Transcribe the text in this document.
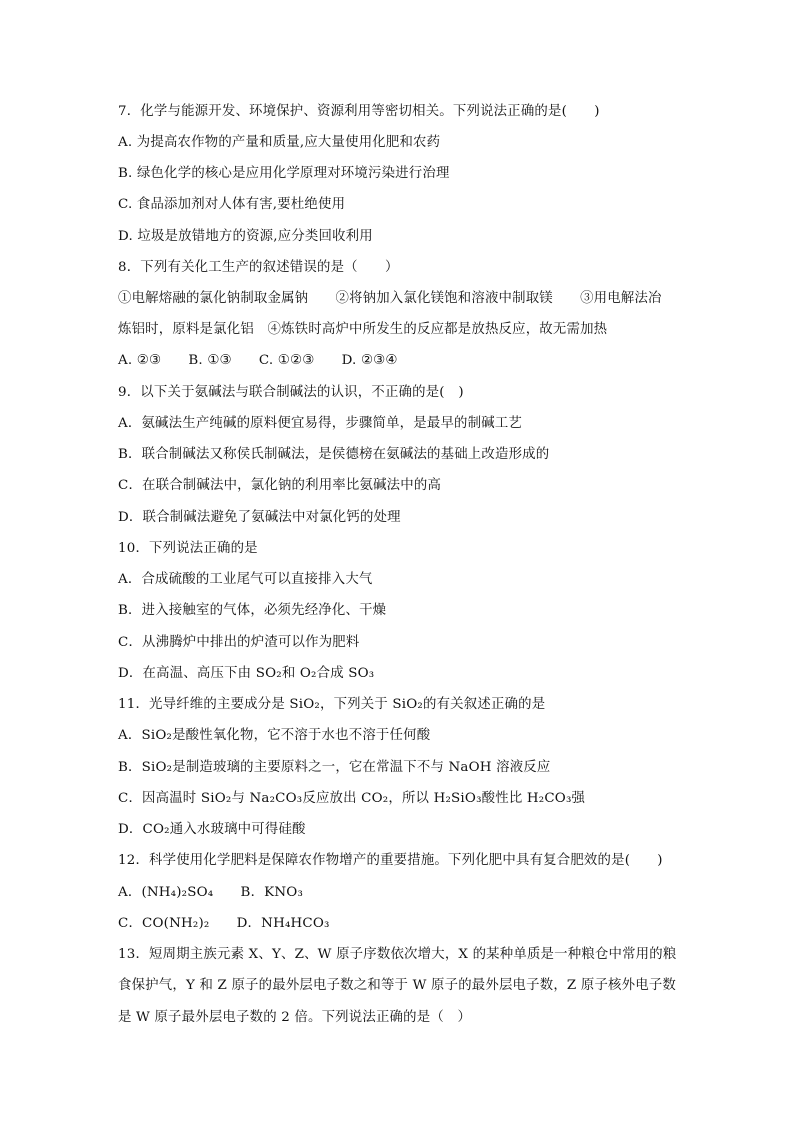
7．化学与能源开发、环境保护、资源利用等密切相关。下列说法正确的是(　　)
A. 为提高农作物的产量和质量,应大量使用化肥和农药
B. 绿色化学的核心是应用化学原理对环境污染进行治理
C. 食品添加剂对人体有害,要杜绝使用
D. 垃圾是放错地方的资源,应分类回收利用
8．下列有关化工生产的叙述错误的是（　　）
①电解熔融的氯化钠制取金属钠　　②将钠加入氯化镁饱和溶液中制取镁　　③用电解法冶
炼铝时，原料是氯化铝　④炼铁时高炉中所发生的反应都是放热反应，故无需加热
A. ②③　　B. ①③　　C. ①②③　　D. ②③④
9．以下关于氨碱法与联合制碱法的认识，不正确的是(　)
A．氨碱法生产纯碱的原料便宜易得，步骤简单，是最早的制碱工艺
B．联合制碱法又称侯氏制碱法，是侯德榜在氨碱法的基础上改造形成的
C．在联合制碱法中，氯化钠的利用率比氨碱法中的高
D．联合制碱法避免了氨碱法中对氯化钙的处理
10．下列说法正确的是
A．合成硫酸的工业尾气可以直接排入大气
B．进入接触室的气体，必须先经净化、干燥
C．从沸腾炉中排出的炉渣可以作为肥料
D．在高温、高压下由 SO₂和 O₂合成 SO₃
11．光导纤维的主要成分是 SiO₂，下列关于 SiO₂的有关叙述正确的是
A．SiO₂是酸性氧化物，它不溶于水也不溶于任何酸
B．SiO₂是制造玻璃的主要原料之一，它在常温下不与 NaOH 溶液反应
C．因高温时 SiO₂与 Na₂CO₃反应放出 CO₂，所以 H₂SiO₃酸性比 H₂CO₃强
D．CO₂通入水玻璃中可得硅酸
12．科学使用化学肥料是保障农作物增产的重要措施。下列化肥中具有复合肥效的是(　　)
A．(NH₄)₂SO₄　　B．KNO₃
C．CO(NH₂)₂　　D．NH₄HCO₃
13．短周期主族元素 X、Y、Z、W 原子序数依次增大，X 的某种单质是一种粮仓中常用的粮
食保护气，Y 和 Z 原子的最外层电子数之和等于 W 原子的最外层电子数，Z 原子核外电子数
是 W 原子最外层电子数的 2 倍。下列说法正确的是（　）
